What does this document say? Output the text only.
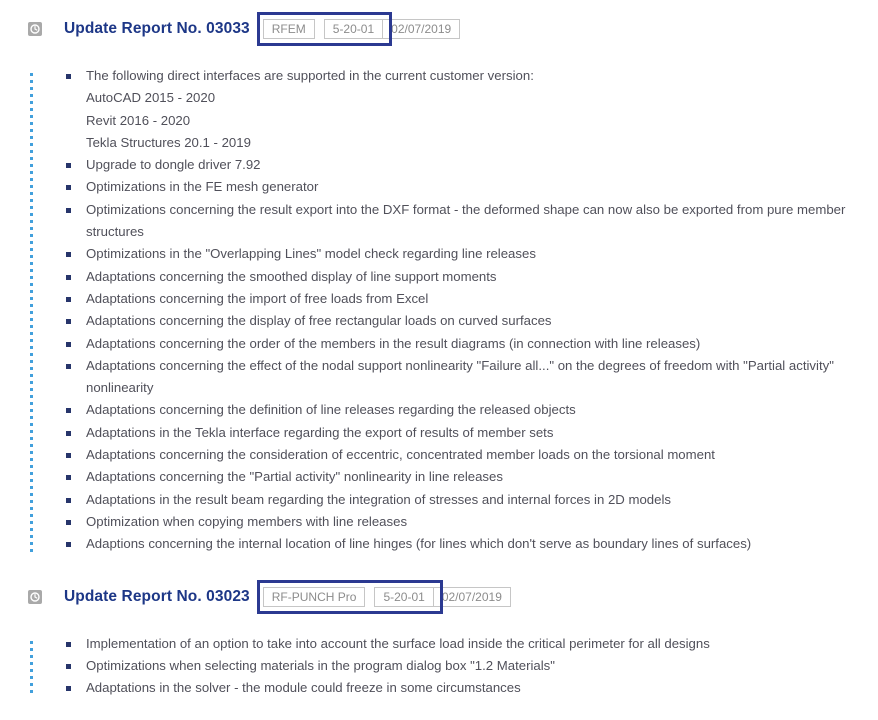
Update Report No. 03033	RFEM	5-20-01	02/07/2019
The following direct interfaces are supported in the current customer version:
AutoCAD 2015 - 2020
Revit 2016 - 2020
Tekla Structures 20.1 - 2019
Upgrade to dongle driver 7.92
Optimizations in the FE mesh generator
Optimizations concerning the result export into the DXF format - the deformed shape can now also be exported from pure member structures
Optimizations in the "Overlapping Lines" model check regarding line releases
Adaptations concerning the smoothed display of line support moments
Adaptations concerning the import of free loads from Excel
Adaptations concerning the display of free rectangular loads on curved surfaces
Adaptations concerning the order of the members in the result diagrams (in connection with line releases)
Adaptations concerning the effect of the nodal support nonlinearity "Failure all..." on the degrees of freedom with "Partial activity" nonlinearity
Adaptations concerning the definition of line releases regarding the released objects
Adaptations in the Tekla interface regarding the export of results of member sets
Adaptations concerning the consideration of eccentric, concentrated member loads on the torsional moment
Adaptations concerning the "Partial activity" nonlinearity in line releases
Adaptations in the result beam regarding the integration of stresses and internal forces in 2D models
Optimization when copying members with line releases
Adaptions concerning the internal location of line hinges (for lines which don't serve as boundary lines of surfaces)
Update Report No. 03023	RF-PUNCH Pro	5-20-01	02/07/2019
Implementation of an option to take into account the surface load inside the critical perimeter for all designs
Optimizations when selecting materials in the program dialog box "1.2 Materials"
Adaptations in the solver - the module could freeze in some circumstances
